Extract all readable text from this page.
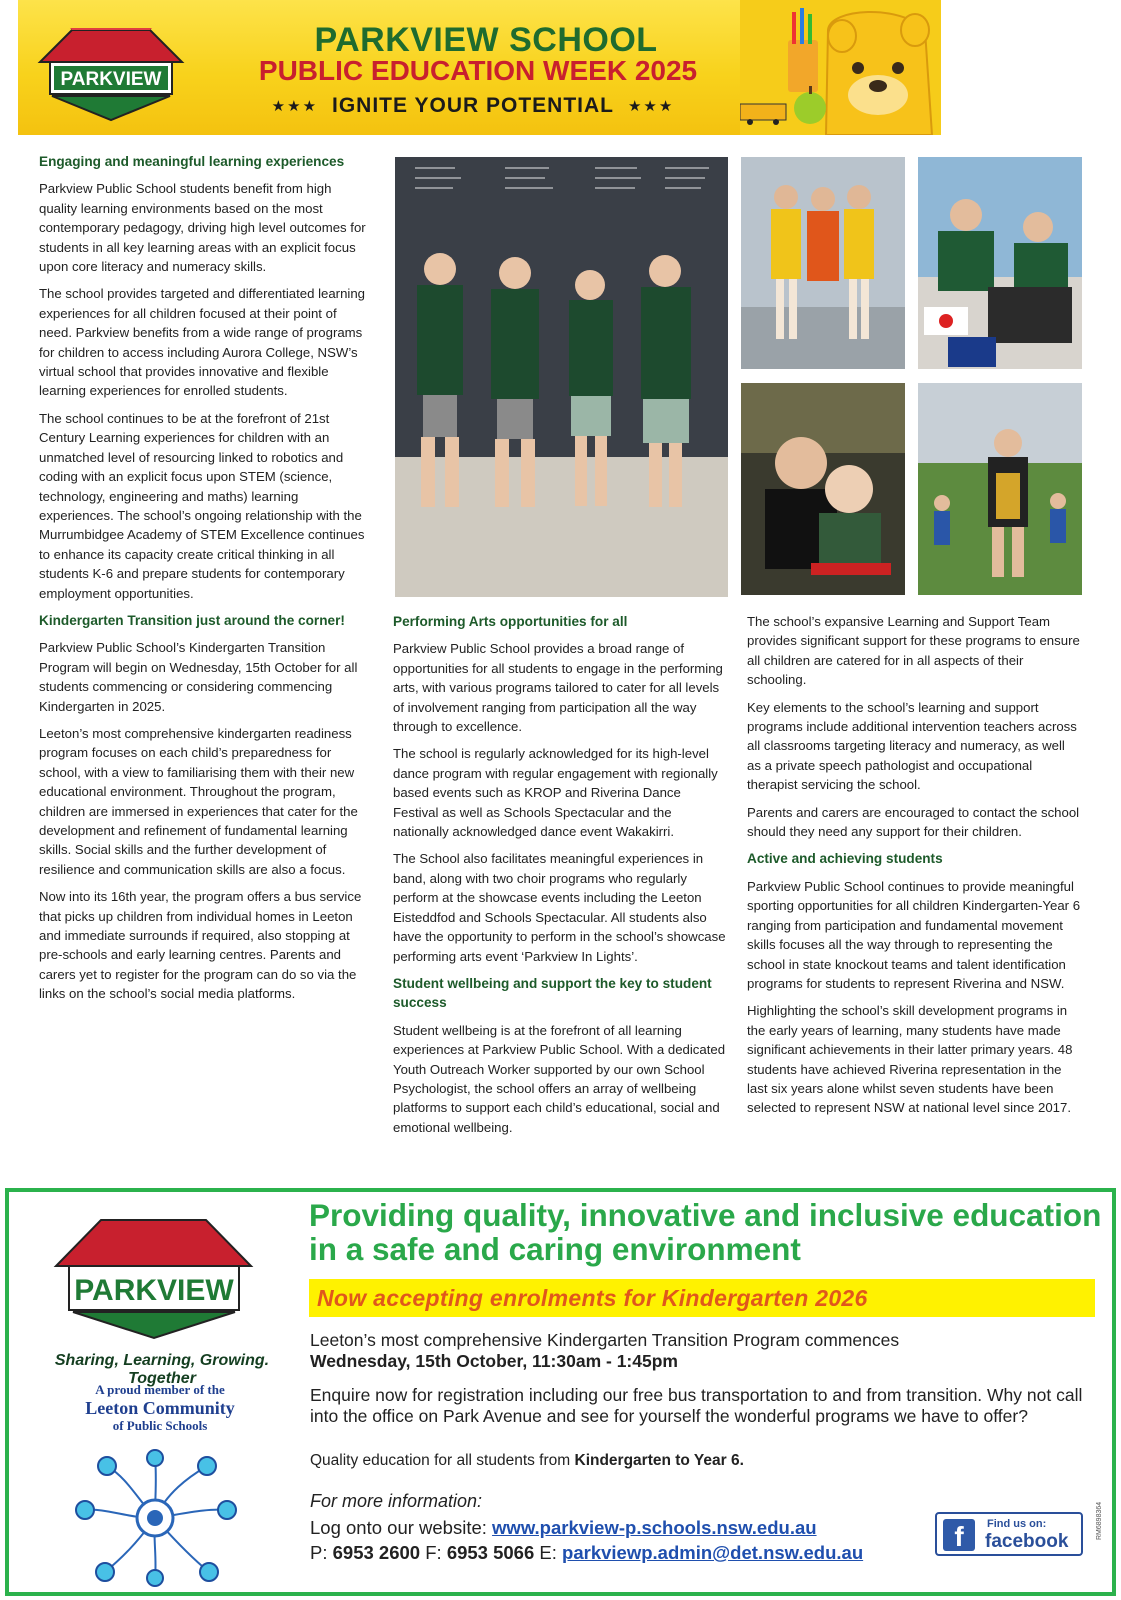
PARKVIEW
PARKVIEW SCHOOL
PUBLIC EDUCATION WEEK 2025
★★★ IGNITE YOUR POTENTIAL ★★★
Engaging and meaningful learning experiences

Parkview Public School students benefit from high quality learning environments based on the most contemporary pedagogy, driving high level outcomes for students in all key learning areas with an explicit focus upon core literacy and numeracy skills.

The school provides targeted and differentiated learning experiences for all children focused at their point of need. Parkview benefits from a wide range of programs for children to access including Aurora College, NSW’s virtual school that provides innovative and flexible learning experiences for enrolled students.

The school continues to be at the forefront of 21st Century Learning experiences for children with an unmatched level of resourcing linked to robotics and coding with an explicit focus upon STEM (science, technology, engineering and maths) learning experiences. The school’s ongoing relationship with the Murrumbidgee Academy of STEM Excellence continues to enhance its capacity create critical thinking in all students K-6 and prepare students for contemporary employment opportunities.

Kindergarten Transition just around the corner!

Parkview Public School’s Kindergarten Transition Program will begin on Wednesday, 15th October for all students commencing or considering commencing Kindergarten in 2025.

Leeton’s most comprehensive kindergarten readiness program focuses on each child’s preparedness for school, with a view to familiarising them with their new educational environment. Throughout the program, children are immersed in experiences that cater for the development and refinement of fundamental learning skills. Social skills and the further development of resilience and communication skills are also a focus.

Now into its 16th year, the program offers a bus service that picks up children from individual homes in Leeton and immediate surrounds if required, also stopping at pre-schools and early learning centres. Parents and carers yet to register for the program can do so via the links on the school’s social media platforms.

Performing Arts opportunities for all

Parkview Public School provides a broad range of opportunities for all students to engage in the performing arts, with various programs tailored to cater for all levels of involvement ranging from participation all the way through to excellence.

The school is regularly acknowledged for its high-level dance program with regular engagement with regionally based events such as KROP and Riverina Dance Festival as well as Schools Spectacular and the nationally acknowledged dance event Wakakirri.

The School also facilitates meaningful experiences in band, along with two choir programs who regularly perform at the showcase events including the Leeton Eisteddfod and Schools Spectacular. All students also have the opportunity to perform in the school’s showcase performing arts event ‘Parkview In Lights’.

Student wellbeing and support the key to student success

Student wellbeing is at the forefront of all learning experiences at Parkview Public School. With a dedicated Youth Outreach Worker supported by our own School Psychologist, the school offers an array of wellbeing platforms to support each child’s educational, social and emotional wellbeing.

The school’s expansive Learning and Support Team provides significant support for these programs to ensure all children are catered for in all aspects of their schooling.

Key elements to the school’s learning and support programs include additional intervention teachers across all classrooms targeting literacy and numeracy, as well as a private speech pathologist and occupational therapist servicing the school.

Parents and carers are encouraged to contact the school should they need any support for their children.

Active and achieving students

Parkview Public School continues to provide meaningful sporting opportunities for all children Kindergarten-Year 6 ranging from participation and fundamental movement skills focuses all the way through to representing the school in state knockout teams and talent identification programs for students to represent Riverina and NSW.

Highlighting the school’s skill development programs in the early years of learning, many students have made significant achievements in their latter primary years. 48 students have achieved Riverina representation in the last six years alone whilst seven students have been selected to represent NSW at national level since 2017.

PARKVIEW
Sharing, Learning, Growing. Together
A proud member of the
Leeton Community
of Public Schools
Providing quality, innovative and inclusive education in a safe and caring environment
Now accepting enrolments for Kindergarten 2026
Leeton’s most comprehensive Kindergarten Transition Program commences
Wednesday, 15th October, 11:30am - 1:45pm
Enquire now for registration including our free bus transportation to and from transition. Why not call into the office on Park Avenue and see for yourself the wonderful programs we have to offer?
Quality education for all students from Kindergarten to Year 6.
For more information:
Log onto our website: www.parkview-p.schools.nsw.edu.au
P: 6953 2600 F: 6953 5066 E: parkviewp.admin@det.nsw.edu.au
f	Find us on:
facebook
RM6898364
